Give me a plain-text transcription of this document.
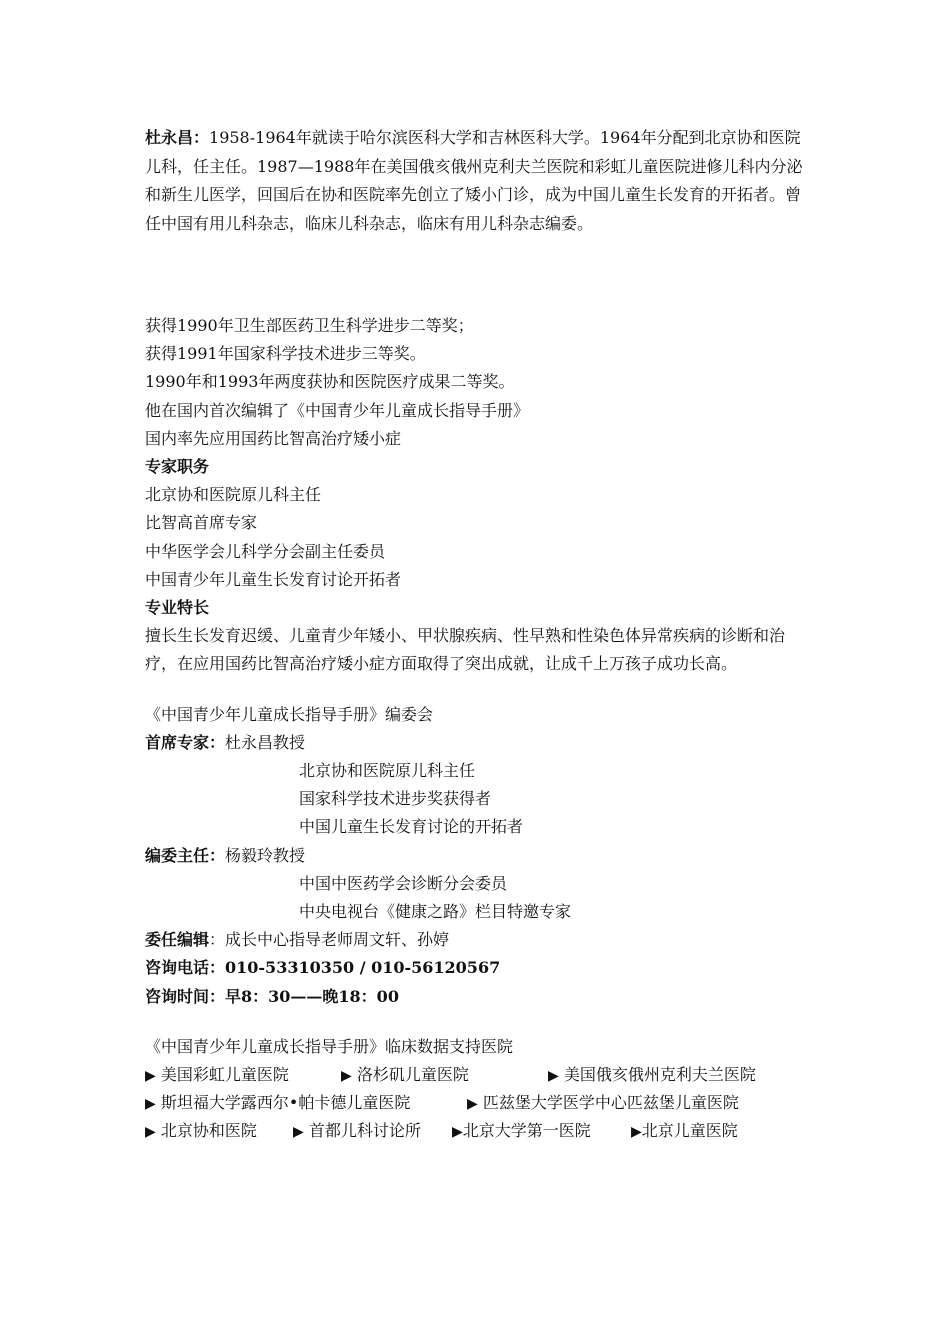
杜永昌：1958-1964年就读于哈尔滨医科大学和吉林医科大学。1964年分配到北京协和医院儿科，任主任。1987—1988年在美国俄亥俄州克利夫兰医院和彩虹儿童医院进修儿科内分泌和新生儿医学，回国后在协和医院率先创立了矮小门诊，成为中国儿童生长发育的开拓者。曾任中国有用儿科杂志，临床儿科杂志，临床有用儿科杂志编委。

获得1990年卫生部医药卫生科学进步二等奖；
获得1991年国家科学技术进步三等奖。
1990年和1993年两度获协和医院医疗成果二等奖。
他在国内首次编辑了《中国青少年儿童成长指导手册》
国内率先应用国药比智高治疗矮小症
专家职务
北京协和医院原儿科主任
比智高首席专家
中华医学会儿科学分会副主任委员
中国青少年儿童生长发育讨论开拓者
专业特长

擅长生长发育迟缓、儿童青少年矮小、甲状腺疾病、性早熟和性染色体异常疾病的诊断和治疗，在应用国药比智高治疗矮小症方面取得了突出成就，让成千上万孩子成功长高。

《中国青少年儿童成长指导手册》编委会
首席专家：杜永昌教授
北京协和医院原儿科主任
国家科学技术进步奖获得者
中国儿童生长发育讨论的开拓者
编委主任：杨毅玲教授
中国中医药学会诊断分会委员
中央电视台《健康之路》栏目特邀专家
委任编辑：成长中心指导老师周文轩、孙婷
咨询电话：010-53310350 / 010-56120567
咨询时间：早8：30——晚18：00
《中国青少年儿童成长指导手册》临床数据支持医院
▶ 美国彩虹儿童医院	▶ 洛杉矶儿童医院	▶ 美国俄亥俄州克利夫兰医院
▶ 斯坦福大学露西尔•帕卡德儿童医院	▶ 匹兹堡大学医学中心匹兹堡儿童医院
▶ 北京协和医院	▶ 首都儿科讨论所 ▶北京大学第一医院	▶北京儿童医院
